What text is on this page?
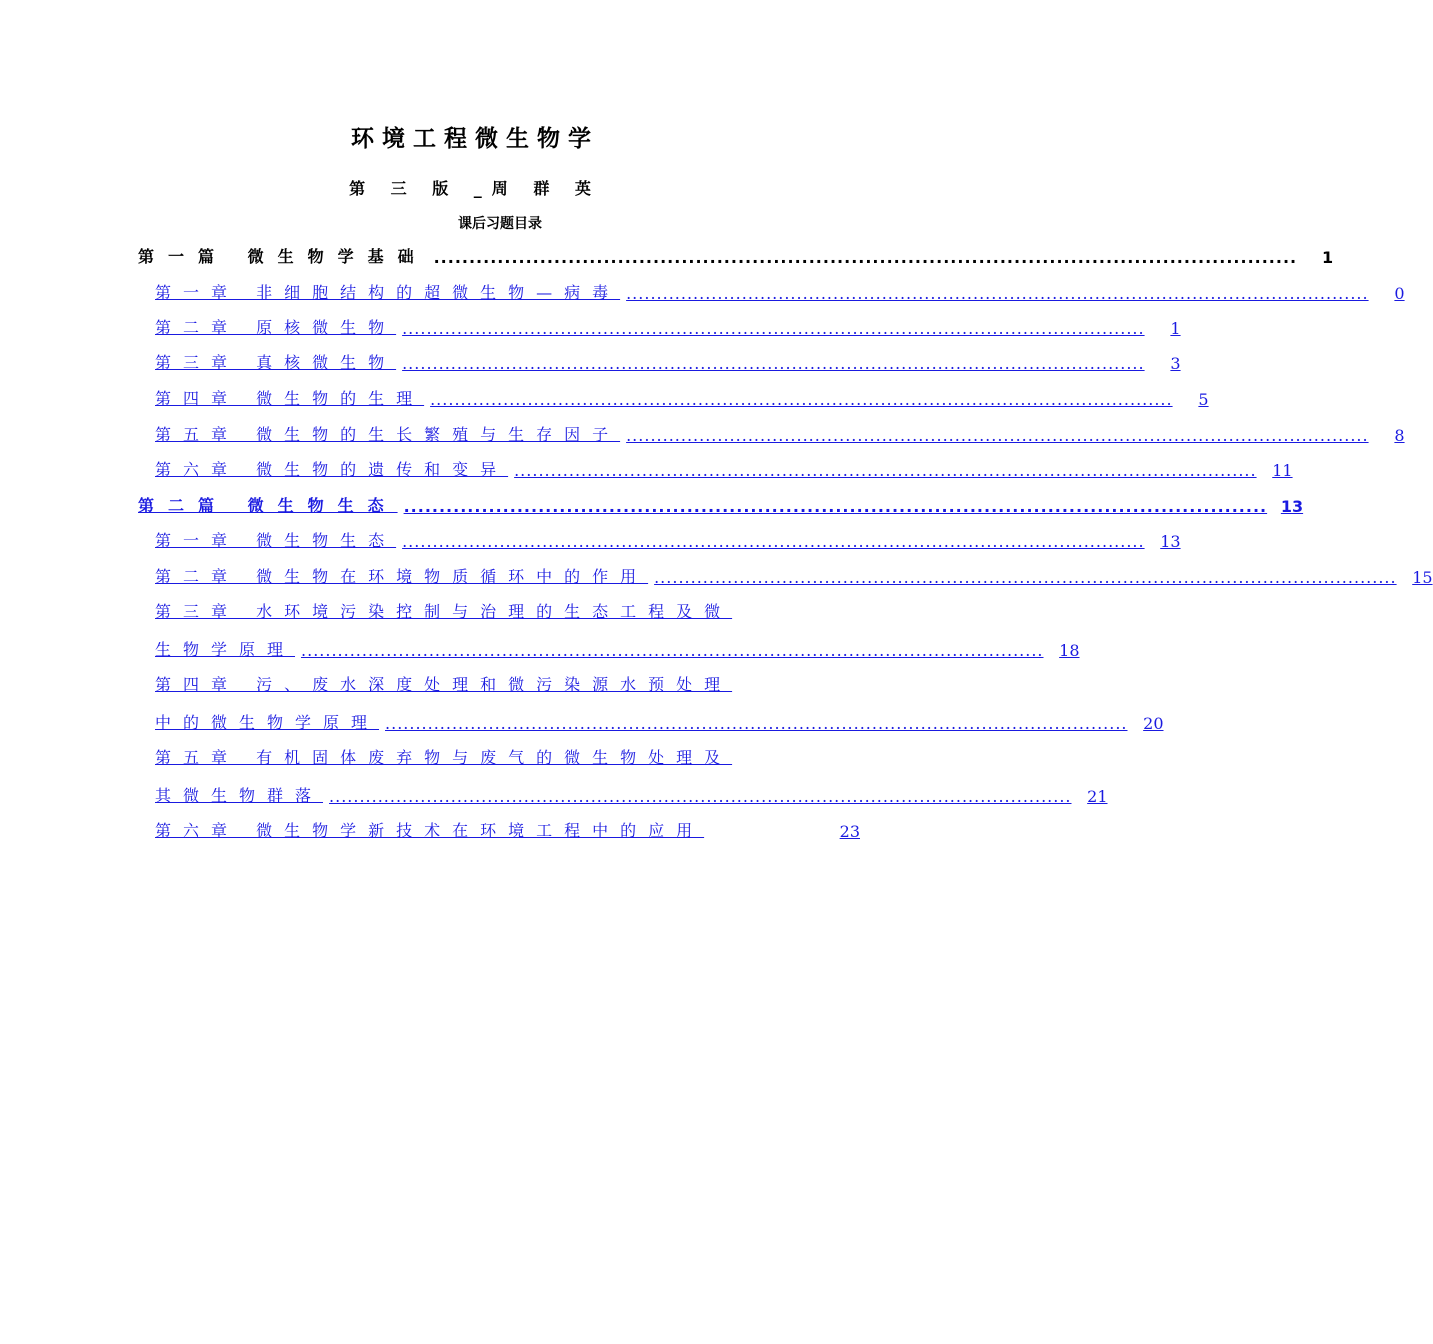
环境工程微生物学
第 三 版 _周 群 英
课后习题目录
第一篇 微生物学基础 ..........................................................................................................................	1
第一章 非细胞结构的超微生物—病毒 ..........................................................................................................................	0
第二章 原核微生物 ..........................................................................................................................	1
第三章 真核微生物 ..........................................................................................................................	3
第四章 微生物的生理 ..........................................................................................................................	5
第五章 微生物的生长繁殖与生存因子 ..........................................................................................................................	8
第六章 微生物的遗传和变异 .......................................................................................................................... 11
第二篇 微生物生态 .......................................................................................................................... 13
第一章 微生物生态 .......................................................................................................................... 13
第二章 微生物在环境物质循环中的作用 .......................................................................................................................... 15
第三章 水环境污染控制与治理的生态工程及微
生物学原理 .......................................................................................................................... 18
第四章 污、废水深度处理和微污染源水预处理
中的微生物学原理 .......................................................................................................................... 20
第五章 有机固体废弃物与废气的微生物处理及
其微生物群落 .......................................................................................................................... 21
第六章 微生物学新技术在环境工程中的应用	23
